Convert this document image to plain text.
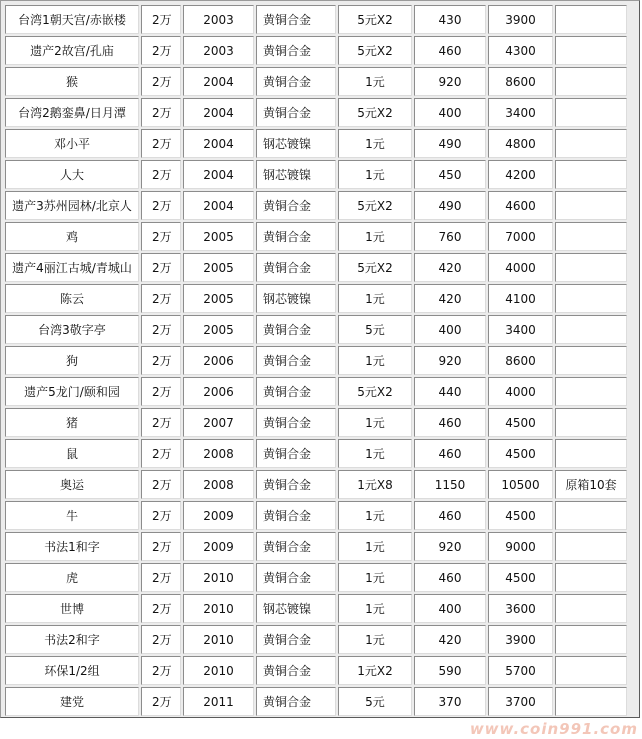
台湾1朝天宫/赤嵌楼	2万	2003	黄铜合金	5元X2	430	3900	
遗产2故宫/孔庙	2万	2003	黄铜合金	5元X2	460	4300	
猴	2万	2004	黄铜合金	1元	920	8600	
台湾2鹅銮鼻/日月潭	2万	2004	黄铜合金	5元X2	400	3400	
邓小平	2万	2004	钢芯镀镍	1元	490	4800	
人大	2万	2004	钢芯镀镍	1元	450	4200	
遗产3苏州园林/北京人	2万	2004	黄铜合金	5元X2	490	4600	
鸡	2万	2005	黄铜合金	1元	760	7000	
遗产4丽江古城/青城山	2万	2005	黄铜合金	5元X2	420	4000	
陈云	2万	2005	钢芯镀镍	1元	420	4100	
台湾3敬字亭	2万	2005	黄铜合金	5元	400	3400	
狗	2万	2006	黄铜合金	1元	920	8600	
遗产5龙门/颐和园	2万	2006	黄铜合金	5元X2	440	4000	
猪	2万	2007	黄铜合金	1元	460	4500	
鼠	2万	2008	黄铜合金	1元	460	4500	
奥运	2万	2008	黄铜合金	1元X8	1150	10500	原箱10套
牛	2万	2009	黄铜合金	1元	460	4500	
书法1和字	2万	2009	黄铜合金	1元	920	9000	
虎	2万	2010	黄铜合金	1元	460	4500	
世博	2万	2010	钢芯镀镍	1元	400	3600	
书法2和字	2万	2010	黄铜合金	1元	420	3900	
环保1/2组	2万	2010	黄铜合金	1元X2	590	5700	
建党	2万	2011	黄铜合金	5元	370	3700	
www.coin991.com
